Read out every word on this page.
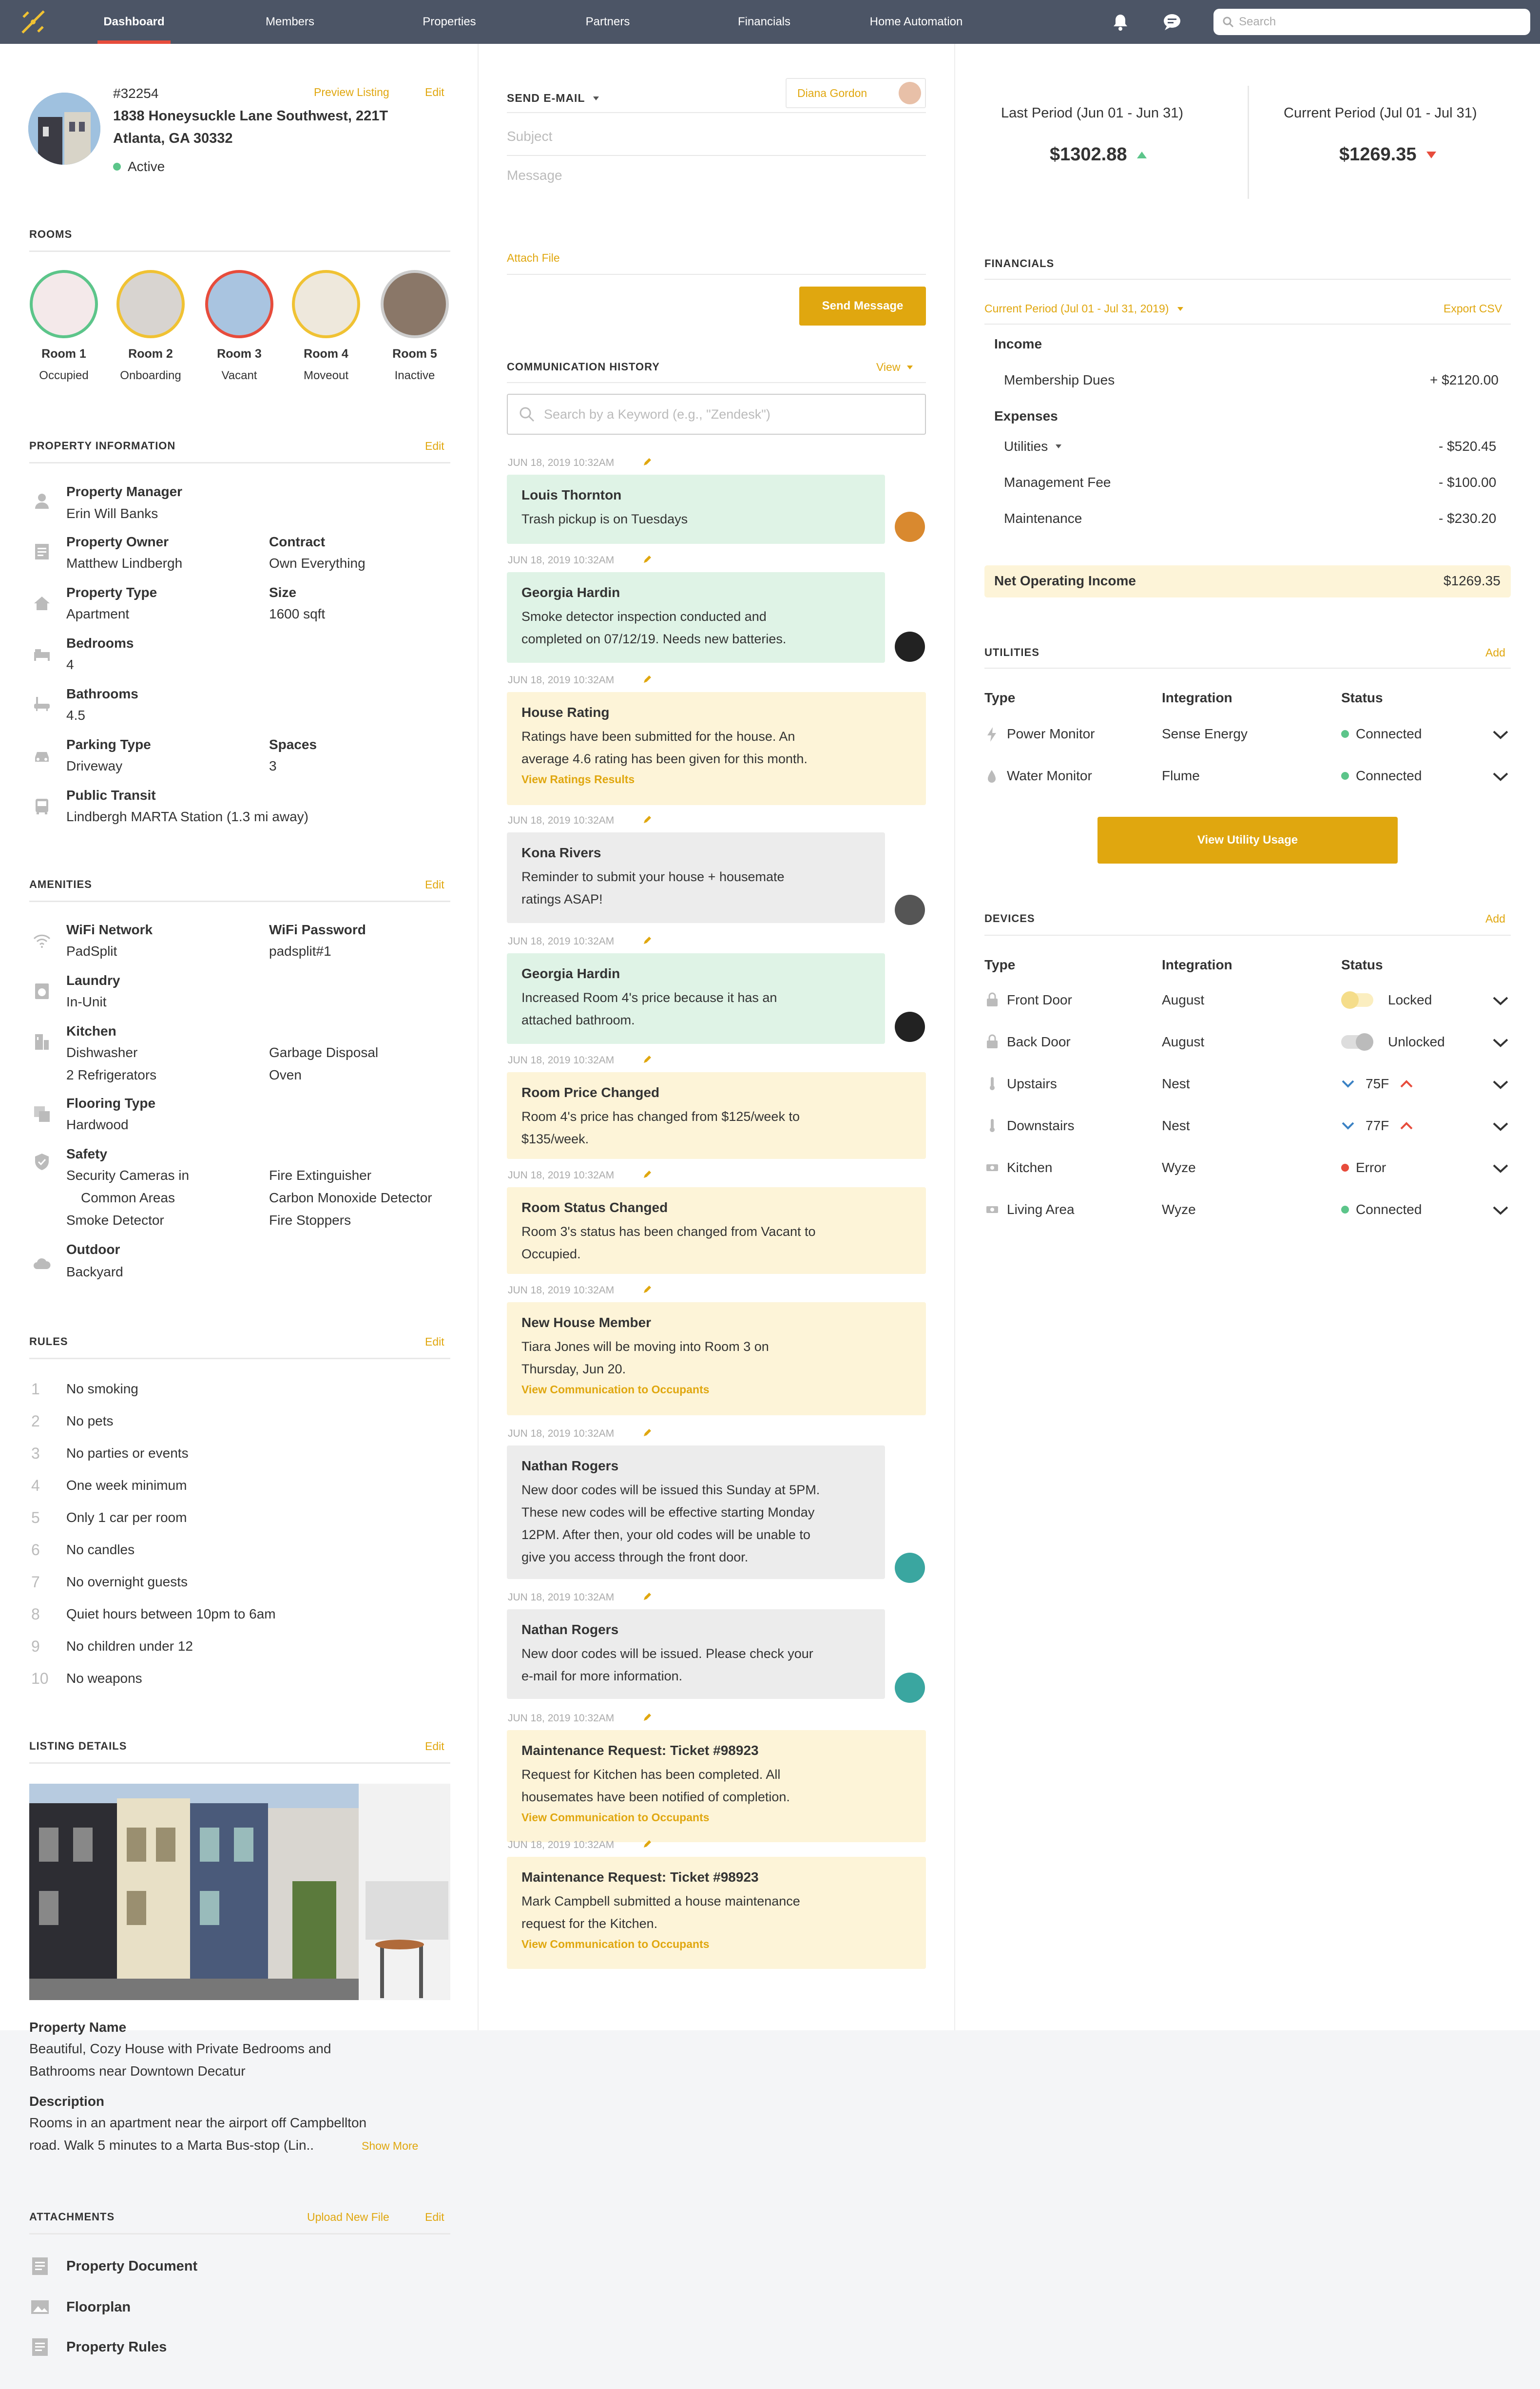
Dashboard	Members	Properties	Partners	Financials	Home Automation	Search
#32254
1838 Honeysuckle Lane Southwest, 221T
Atlanta, GA 30332
Active
Preview Listing	Edit
ROOMS
Room 1
Occupied
Room 2
Onboarding
Room 3
Vacant
Room 4
Moveout
Room 5
Inactive
PROPERTY INFORMATION	Edit
Property Manager
Erin Will Banks
Property Owner
Matthew Lindbergh
Contract
Own Everything
Property Type
Apartment
Size
1600 sqft
Bedrooms
4
Bathrooms
4.5
Parking Type
Driveway
Spaces
3
Public Transit
Lindbergh MARTA Station (1.3 mi away)
AMENITIES	Edit
WiFi Network
PadSplit
WiFi Password
padsplit#1
Laundry
In-Unit
Kitchen
Dishwasher
2 Refrigerators
Garbage Disposal
Oven
Flooring Type
Hardwood
Safety
Security Cameras in
Common Areas
Smoke Detector
Fire Extinguisher
Carbon Monoxide Detector
Fire Stoppers
Outdoor
Backyard
RULES	Edit
1	No smoking
2	No pets
3	No parties or events
4	One week minimum
5	Only 1 car per room
6	No candles
7	No overnight guests
8	Quiet hours between 10pm to 6am
9	No children under 12
10	No weapons
LISTING DETAILS	Edit
Property Name
Beautiful, Cozy House with Private Bedrooms and
Bathrooms near Downtown Decatur
Description
Rooms in an apartment near the airport off Campbellton
road. Walk 5 minutes to a Marta Bus-stop (Lin..	Show More
ATTACHMENTS	Upload New File	Edit
Property Document
Floorplan
Property Rules
SEND E-MAIL	Diana Gordon
Subject
Message
Attach File
Send Message
COMMUNICATION HISTORY	View
Search by a Keyword (e.g., "Zendesk")
JUN 18, 2019 10:32AM
Louis Thornton

Trash pickup is on Tuesdays

JUN 18, 2019 10:32AM
Georgia Hardin

Smoke detector inspection conducted and

completed on 07/12/19. Needs new batteries.

JUN 18, 2019 10:32AM
House Rating

Ratings have been submitted for the house. An

average 4.6 rating has been given for this month.

View Ratings Results
JUN 18, 2019 10:32AM
Kona Rivers

Reminder to submit your house + housemate

ratings ASAP!

JUN 18, 2019 10:32AM
Georgia Hardin

Increased Room 4's price because it has an

attached bathroom.

JUN 18, 2019 10:32AM
Room Price Changed

Room 4's price has changed from $125/week to

$135/week.

JUN 18, 2019 10:32AM
Room Status Changed

Room 3's status has been changed from Vacant to

Occupied.

JUN 18, 2019 10:32AM
New House Member

Tiara Jones will be moving into Room 3 on

Thursday, Jun 20.

View Communication to Occupants
JUN 18, 2019 10:32AM
Nathan Rogers

New door codes will be issued this Sunday at 5PM.

These new codes will be effective starting Monday

12PM. After then, your old codes will be unable to

give you access through the front door.

JUN 18, 2019 10:32AM
Nathan Rogers

New door codes will be issued. Please check your

e-mail for more information.

JUN 18, 2019 10:32AM
Maintenance Request: Ticket #98923

Request for Kitchen has been completed. All

housemates have been notified of completion.

View Communication to Occupants
JUN 18, 2019 10:32AM
Maintenance Request: Ticket #98923

Mark Campbell submitted a house maintenance

request for the Kitchen.

View Communication to Occupants
Last Period (Jun 01 - Jun 31)
$1302.88
Current Period (Jul 01 - Jul 31)
$1269.35
FINANCIALS
Current Period (Jul 01 - Jul 31, 2019)	Export CSV
Income
Membership Dues	+ $2120.00
Expenses
Utilities	- $520.45
Management Fee	- $100.00
Maintenance	- $230.20
Net Operating Income	$1269.35
UTILITIES	Add
Type	Integration	Status
Power Monitor	Sense Energy	Connected
Water Monitor	Flume	Connected
View Utility Usage
DEVICES	Add
Type	Integration	Status
Front Door	August	Locked
Back Door	August	Unlocked
Upstairs	Nest	75F
Downstairs	Nest	77F
Kitchen	Wyze	Error
Living Area	Wyze	Connected
